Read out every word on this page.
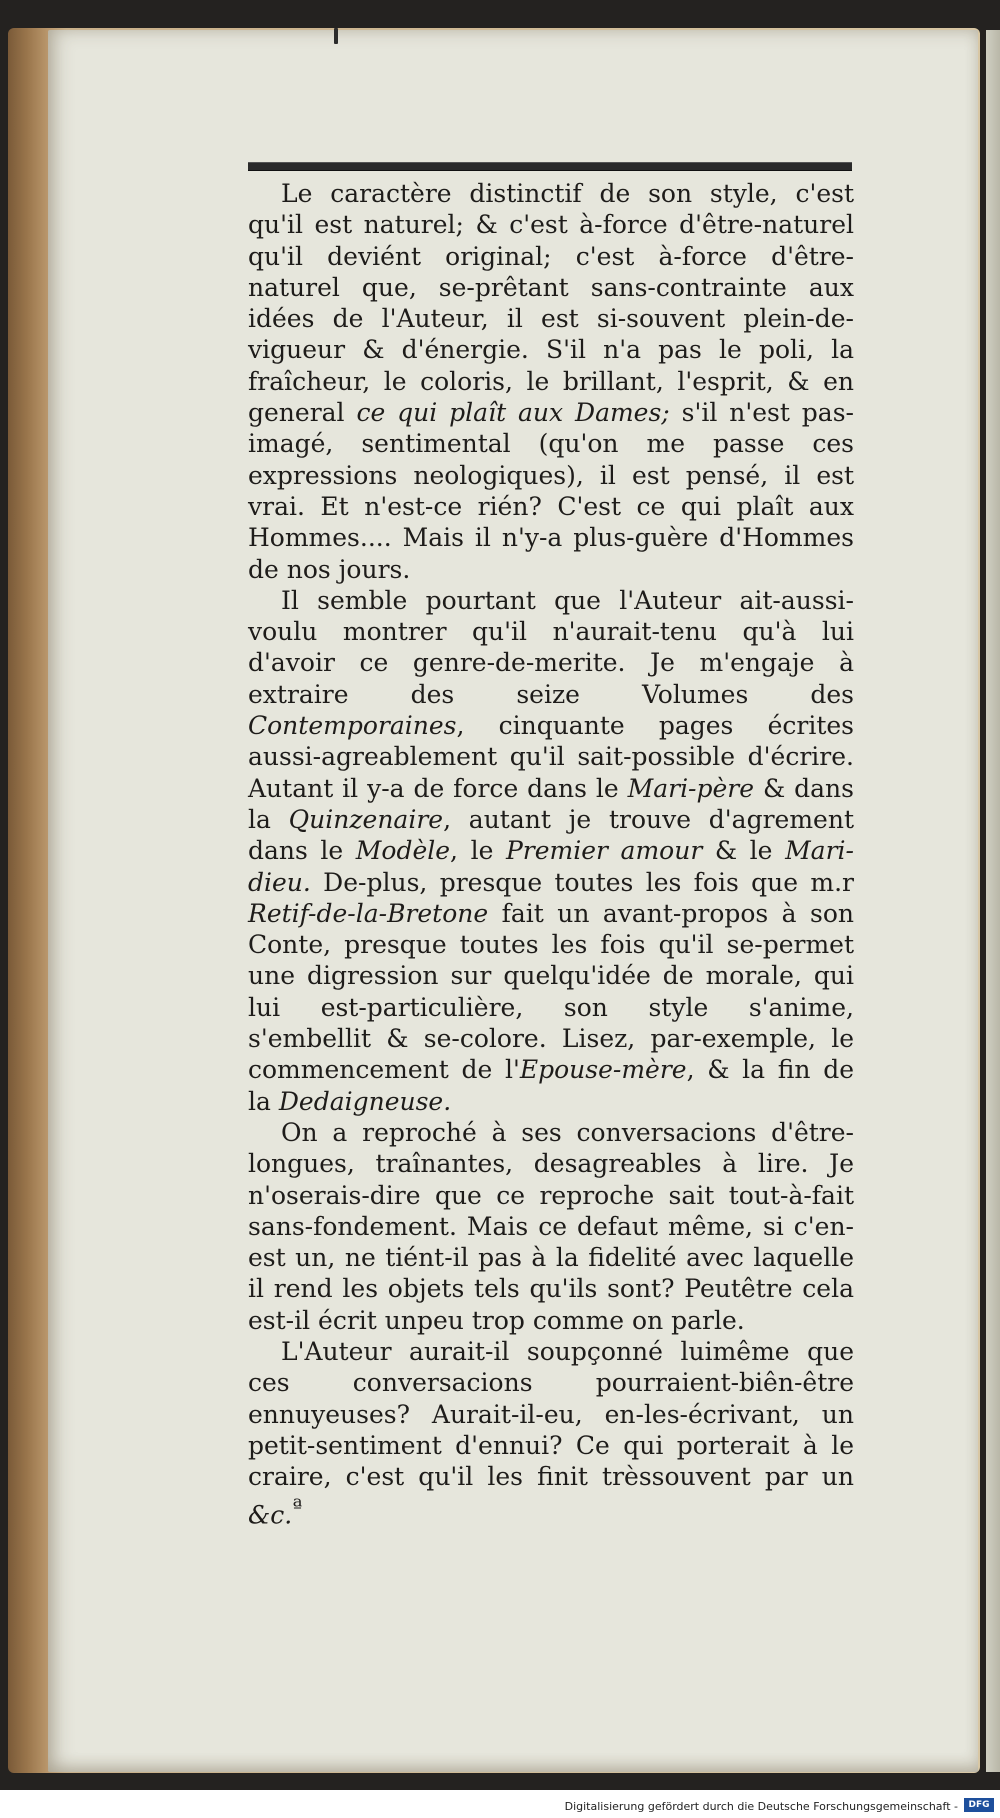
Le caractère distinctif de son style, c'est qu'il est naturel; & c'est à-force d'être-naturel qu'il deviént original; c'est à-force d'être-naturel que, se-prêtant sans-contrainte aux idées de l'Auteur, il est si-souvent plein-de-vigueur & d'énergie. S'il n'a pas le poli, la fraîcheur, le coloris, le brillant, l'esprit, & en general ce qui plaît aux Dames; s'il n'est pas-imagé, sentimental (qu'on me passe ces expressions neologiques), il est pensé, il est vrai. Et n'est-ce rién? C'est ce qui plaît aux Hommes.... Mais il n'y-a plus-guère d'Hommes de nos jours.

Il semble pourtant que l'Auteur ait-aussi-voulu montrer qu'il n'aurait-tenu qu'à lui d'avoir ce genre-de-merite. Je m'engaje à extraire des seize Volumes des Contemporaines, cinquante pages écrites aussi-agreablement qu'il sait-possible d'écrire. Autant il y-a de force dans le Mari-père & dans la Quinzenaire, autant je trouve d'agrement dans le Modèle, le Premier amour & le Mari-dieu. De-plus, presque toutes les fois que m.r Retif-de-la-Bretone fait un avant-propos à son Conte, presque toutes les fois qu'il se-permet une digression sur quelqu'idée de morale, qui lui est-particulière, son style s'anime, s'embellit & se-colore. Lisez, par-exemple, le commencement de l'Epouse-mère, & la fin de la Dedaigneuse.

On a reproché à ses conversacions d'être-longues, traînantes, desagreables à lire. Je n'oserais-dire que ce reproche sait tout-à-fait sans-fondement. Mais ce defaut même, si c'en-est un, ne tiént-il pas à la fidelité avec laquelle il rend les objets tels qu'ils sont? Peutêtre cela est-il écrit unpeu trop comme on parle.

L'Auteur aurait-il soupçonné luimême que ces conversacions pourraient-biên-être ennuyeuses? Aurait-il-eu, en-les-écrivant, un petit-sentiment d'ennui? Ce qui porterait à le craire, c'est qu'il les finit trèssouvent par un &c.$^ª$

Digitalisierung gefördert durch die Deutsche Forschungsgemeinschaft -	DFG
